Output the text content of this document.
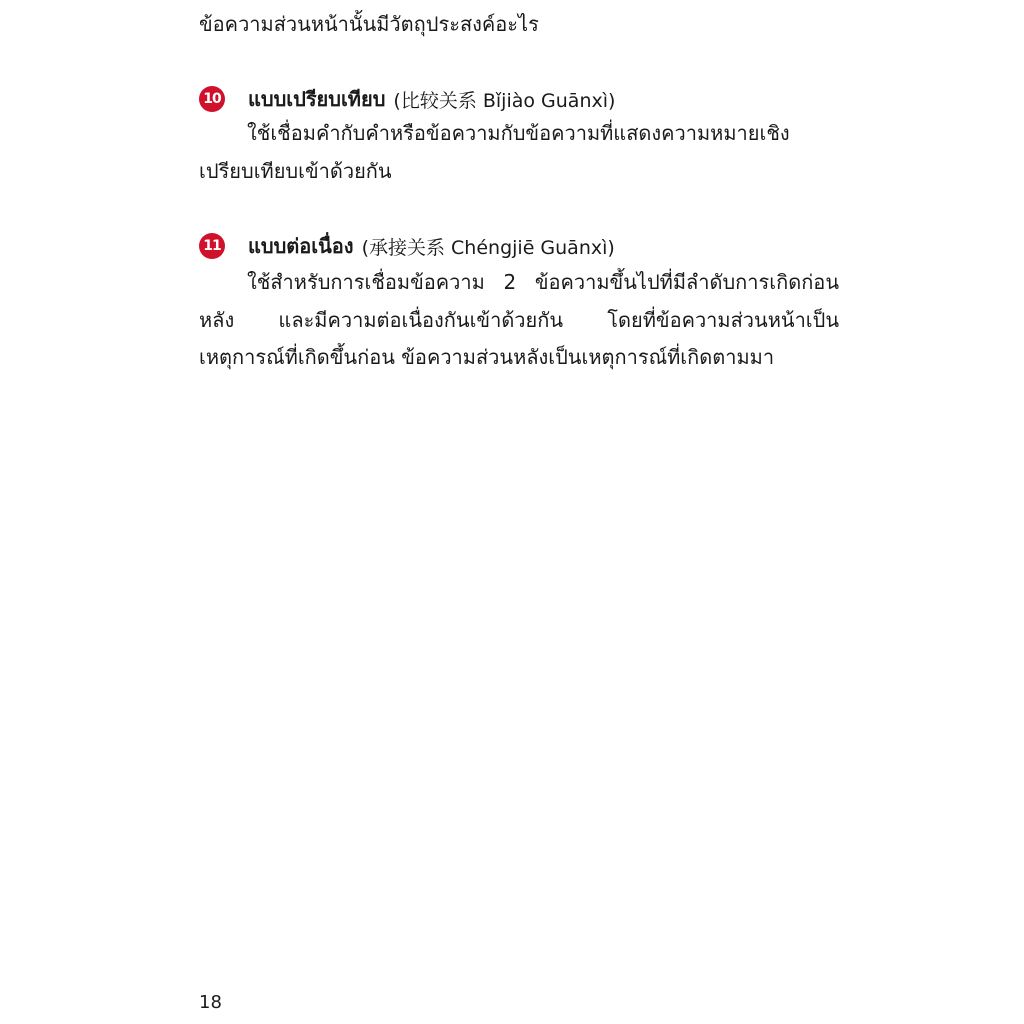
ข้อความส่วนหน้านั้นมีวัตถุประสงค์อะไร
10 แบบเปรียบเทียบ (比较关系 Bǐjiào Guānxì)
ใช้เชื่อมคำกับคำหรือข้อความกับข้อความที่แสดงความหมายเชิง
เปรียบเทียบเข้าด้วยกัน
11 แบบต่อเนื่อง (承接关系 Chéngjiē Guānxì)
ใช้สำหรับการเชื่อมข้อความ 2 ข้อความขึ้นไปที่มีลำดับการเกิดก่อน
หลัง และมีความต่อเนื่องกันเข้าด้วยกัน โดยที่ข้อความส่วนหน้าเป็น
เหตุการณ์ที่เกิดขึ้นก่อน ข้อความส่วนหลังเป็นเหตุการณ์ที่เกิดตามมา
18
